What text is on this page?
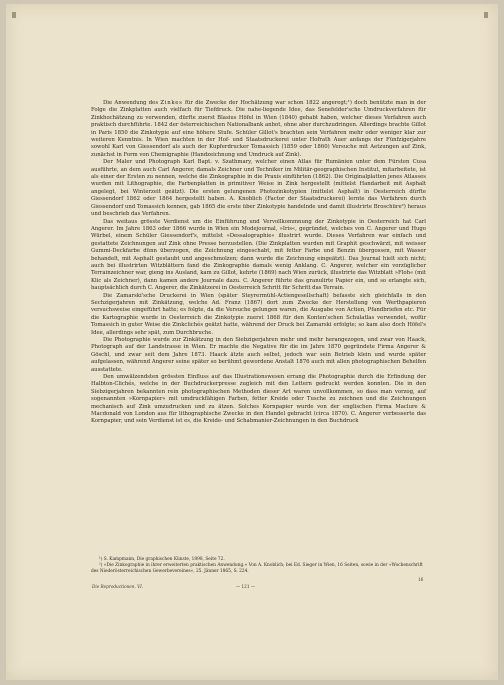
Die Anwendung des Zinkes für die Zwecke der Hochätzung war schon 1822 angeregt;¹) doch benützte man in der Folge die Zinkplatten auch vielfach für Tiefdruck. Die nahe-liegende Idee, das Senefelder'sche Umdruckverfahren für Zinkhochätzung zu verwenden, dürfte zuerst Blasius Höfel in Wien (1840) gehabt haben, welcher dieses Verfahren auch praktisch durchführte. 1842 der österreichischen Nationalbank anbot, ohne aber durchzudringen. Allerdings brachte Gillot in Paris 1850 die Zinkotypie auf eine höhere Stufe. Schüler Gillot's brachten sein Verfahren mehr oder weniger klar zur weiteren Kenntnis. In Wien machten in der Hof- und Staatsdruckerei unter Hofrath Auer anfangs der Fünfzigerjahre sowohl Karl von Giessendorf als auch der Kupferdrucker Tomassich (1859 oder 1860) Versuche mit Aetzungen auf Zink, zunächst in Form von Chemigraphie (Handzeichnung und Umdruck auf Zink).

Der Maler und Photograph Karl Bapt. v. Szathmary, welcher einen Atlas für Rumänien unter dem Fürsten Cusa ausführte, an dem auch Carl Angerer, damals Zeichner und Techniker im Militär-geographischen Institut, mitarbeitete, ist als einer der Ersten zu nennen, welche die Zinkographie in die Praxis einführten (1862). Die Originalplatten jenes Atlasses wurden mit Lithographie, die Farbenplatten in primitiver Weise in Zink hergestellt (mittelst Handarbeit mit Asphalt angelegt, bei Winterzeit geätzt). Die ersten gelungenen Photozinkotypien (mittelst Asphalt) in Oesterreich dürfte Giessendorf 1862 oder 1864 hergestellt haben. A. Knoblich (Factor der Staatsdruckerei) lernte das Verfahren durch Giessendorf und Tomassich kennen, gab 1865 die erste über Zinkotypie handelnde und damit illustrirte Broschüre²) heraus und beschrieb das Verfahren.

Das weitaus grösste Verdienst um die Einführung und Vervollkommnung der Zinkotypie in Oesterreich hat Carl Angerer. Im Jahre 1863 oder 1866 wurde in Wien ein Modejournal, »Iris«, gegründet, welches von C. Angerer und Hugo Würbel, einem Schüler Giessendorf's, mittelst »Dessalographie« illustrirt wurde. Dieses Verfahren war einfach und gestattete Zeichnungen auf Zink ohne Presse herzustellen. (Die Zinkplatten wurden mit Graphit geschwärzt, mit weisser Gummi-Deckfarbe dünn überzogen, die Zeichnung eingeschabt, mit fetter Farbe und Benzin übergossen, mit Wasser behandelt, mit Asphalt gestaubt und angeschmolzen; dann wurde die Zeichnung eingeätzt). Das Journal hielt sich nicht; auch bei illustrirten Witzblättern fand die Zinkographie damals wenig Anklang. C. Angerer, welcher ein vorzüglicher Terrainzeichner war, gieng ins Ausland, kam zu Gillot, kehrte (1869) nach Wien zurück, illustrirte das Witzblatt »Floh« (mit Klic als Zeichner), dann kamen andere Journale dazu. C. Angerer führte das granulirte Papier ein, und so erlangte sich, hauptsächlich durch C. Angerer, die Zinkätzerei in Oesterreich Schritt für Schritt das Terrain.

Die Zamarski'sche Druckerei in Wien (später Steyrermühl-Actiengesellschaft) befasste sich gleichfalls in den Sechzigerjahren mit Zinkätzung, welche Ad. Franz (1867) dort zum Zwecke der Herstellung von Werthpapieren versuchsweise eingeführt hatte; es folgte, da die Versuche gelungen waren, die Ausgabe von Actien, Pfandbriefen etc. Für die Kartographie wurde in Oesterreich die Zinkotypie zuerst 1868 für den Konten'schen Schulatlas verwendet, wofür Tomassich in guter Weise die Zinkclichés geätzt hatte, während der Druck bei Zamarski erfolgte; so kam also doch Höfel's Idee, allerdings sehr spät, zum Durchbruche.

Die Photographie wurde zur Zinkätzung in den Siebzigerjahren mehr und mehr herangezogen, und zwar von Haack, Photograph auf der Landstrasse in Wien. Er machte die Negative für die im Jahre 1870 gegründete Firma Angerer & Göschl, und zwar seit dem Jahre 1873. Haack ätzte auch selbst, jedoch war sein Betrieb klein und wurde später aufgelassen, während Angerer seine später so berühmt gewordene Anstalt 1876 auch mit allen photographischen Behelfen ausstattete.

Den umwälzendsten grössten Einfluss auf das Illustrationswesen errang die Photographie durch die Erfindung der Halbton-Clichés, welche in der Buchdruckerpresse zugleich mit den Lettern gedruckt werden konnten. Die in den Siebzigerjahren bekannten rein photographischen Methoden dieser Art waren unvollkommen, so dass man vorzog, auf sogenannten »Kornpapier« mit umdruckfähigen Farben, fetter Kreide oder Tusche zu zeichnen und die Zeichnungen mechanisch auf Zink umzudrucken und zu ätzen. Solches Kornpapier wurde von der englischen Firma Maclure & Macdonald von London aus für lithographische Zwecke in den Handel gebracht (circa 1870). C. Angerer verbesserte das Kornpapier, und sein Verdienst ist es, die Kreide- und Schabmanier-Zeichnungen in den Buchdruck

¹) S. Kampmann, Die graphischen Künste, 1898, Seite 72.

²) »Die Zinkographie in ihrer erweiterten praktischen Anwendung.« Von A. Knoblich; bei Ed. Sieger in Wien, 16 Seiten, sowie in der »Wochenschrift des Niederösterreichischen Gewerbevereines«, 25. Jänner 1865, S. 224.

Die Reproductionen. VI.	— 121 —
16
